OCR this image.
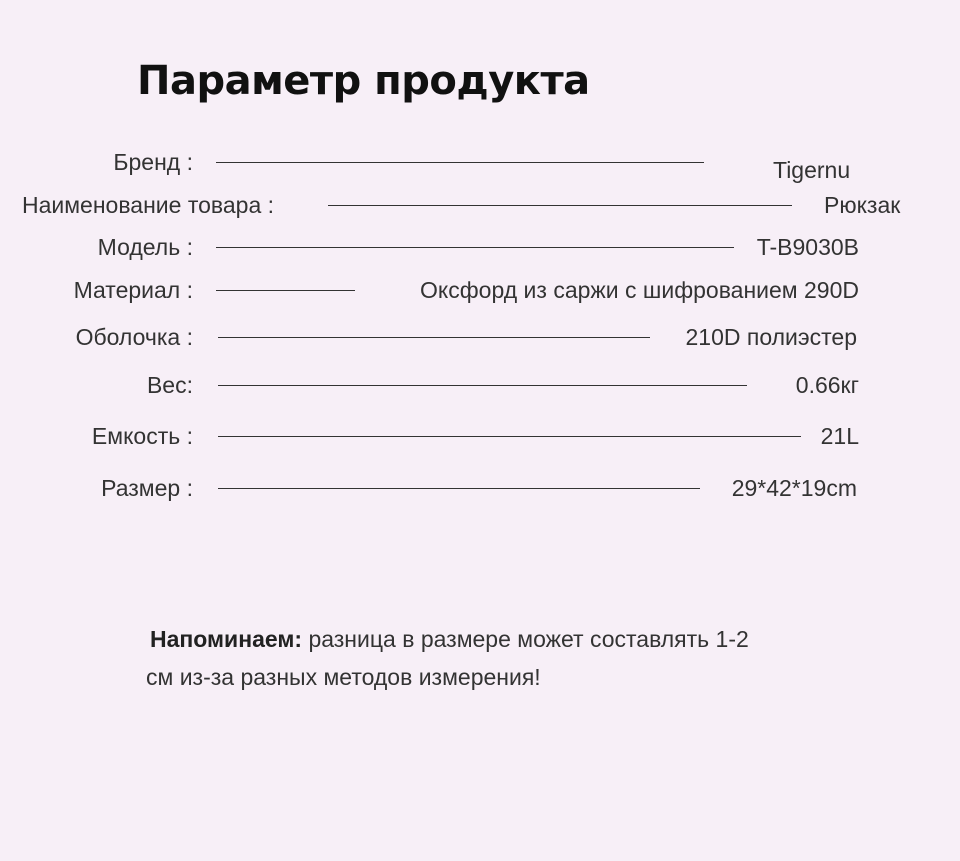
Параметр продукта
Бренд :	Tigernu
Наименование товара :	Рюкзак
Модель :	T-B9030B
Материал :	Оксфорд из саржи с шифрованием 290D
Оболочка :	210D полиэстер
Вес:	0.66кг
Емкость :	21L
Размер :	29*42*19cm
Напоминаем: разница в размере может составлять 1-2
см из-за разных методов измерения!
